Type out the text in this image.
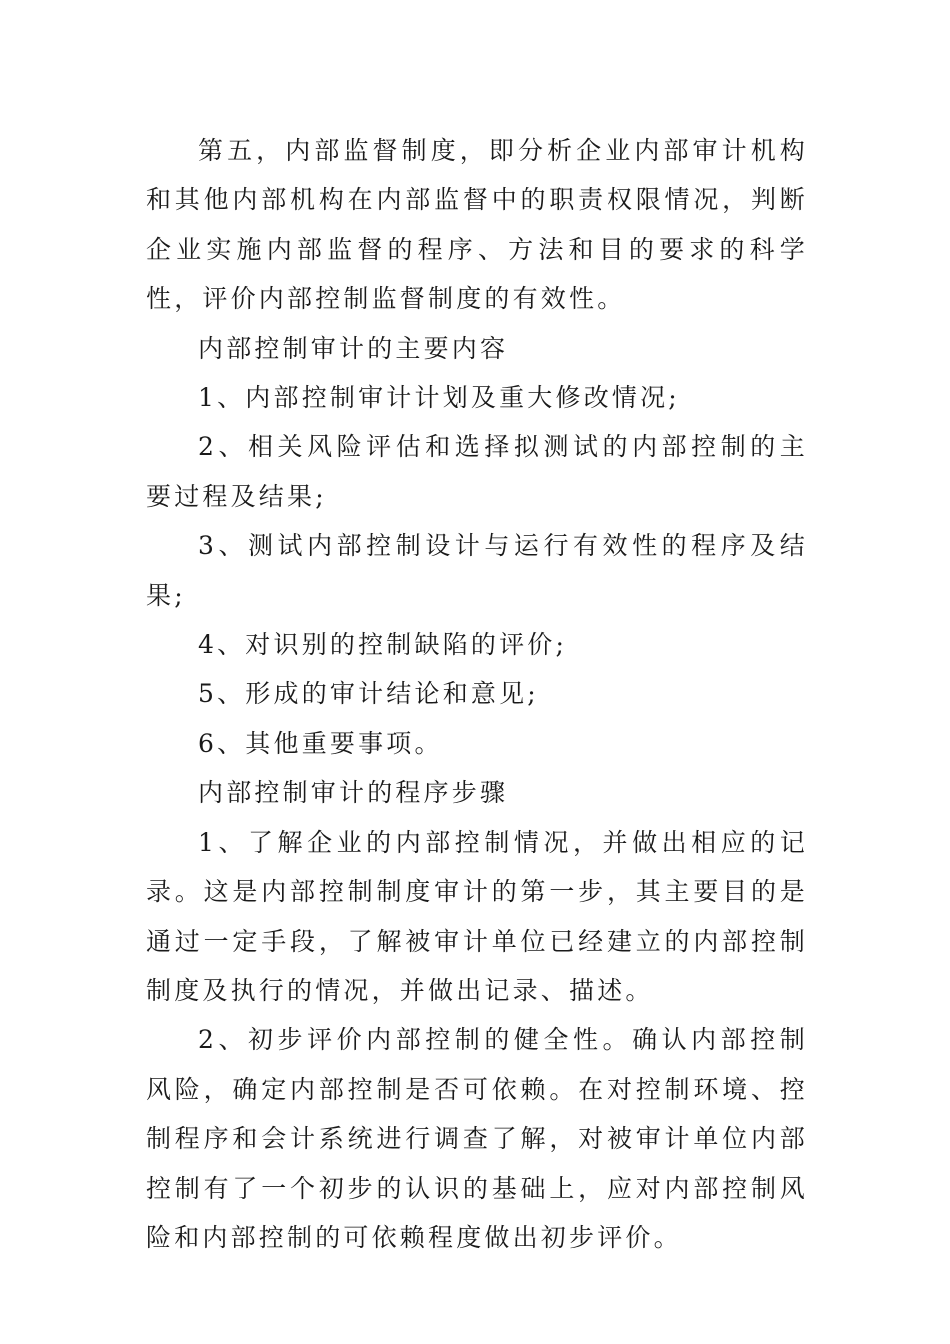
第五，内部监督制度，即分析企业内部审计机构和其他内部机构在内部监督中的职责权限情况，判断企业实施内部监督的程序、方法和目的要求的科学性，评价内部控制监督制度的有效性。

内部控制审计的主要内容

1、内部控制审计计划及重大修改情况;

2、相关风险评估和选择拟测试的内部控制的主要过程及结果;

3、测试内部控制设计与运行有效性的程序及结果;

4、对识别的控制缺陷的评价;

5、形成的审计结论和意见;

6、其他重要事项。

内部控制审计的程序步骤

1、了解企业的内部控制情况，并做出相应的记录。这是内部控制制度审计的第一步，其主要目的是通过一定手段，了解被审计单位已经建立的内部控制制度及执行的情况，并做出记录、描述。

2、初步评价内部控制的健全性。确认内部控制风险，确定内部控制是否可依赖。在对控制环境、控制程序和会计系统进行调查了解，对被审计单位内部控制有了一个初步的认识的基础上，应对内部控制风险和内部控制的可依赖程度做出初步评价。
